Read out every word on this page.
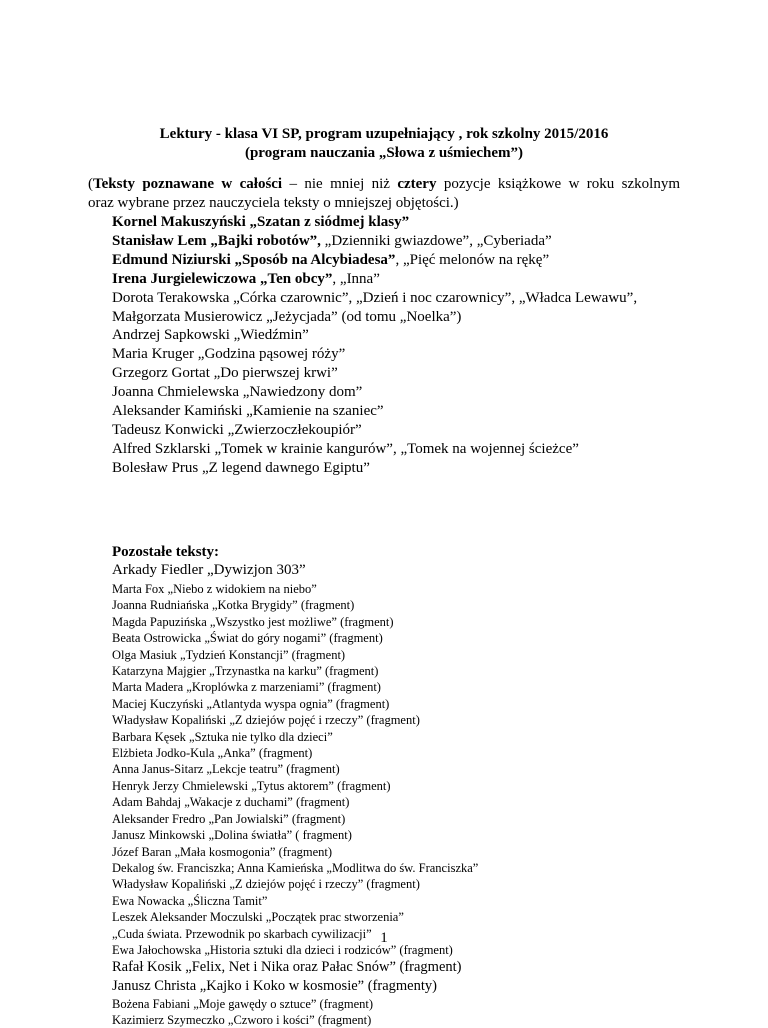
Lektury - klasa VI SP, program uzupełniający , rok szkolny 2015/2016
(program nauczania „Słowa z uśmiechem”)
(Teksty poznawane w całości – nie mniej niż cztery pozycje książkowe w roku szkolnym
oraz wybrane przez nauczyciela teksty o mniejszej objętości.)
Kornel Makuszyński „Szatan z siódmej klasy”
Stanisław Lem „Bajki robotów”, „Dzienniki gwiazdowe”, „Cyberiada”
Edmund Niziurski „Sposób na Alcybiadesa”, „Pięć melonów na rękę”
Irena Jurgielewiczowa „Ten obcy”, „Inna”
Dorota Terakowska „Córka czarownic”, „Dzień i noc czarownicy”, „Władca Lewawu”,
Małgorzata Musierowicz „Jeżycjada” (od tomu „Noelka”)
Andrzej Sapkowski „Wiedźmin”
Maria Kruger „Godzina pąsowej róży”
Grzegorz Gortat „Do pierwszej krwi”
Joanna Chmielewska „Nawiedzony dom”
Aleksander Kamiński „Kamienie na szaniec”
Tadeusz Konwicki „Zwierzoczłekoupiór”
Alfred Szklarski „Tomek w krainie kangurów”, „Tomek na wojennej ścieżce”
Bolesław Prus „Z legend dawnego Egiptu”
Pozostałe teksty:
Arkady Fiedler „Dywizjon 303”
Marta Fox „Niebo z widokiem na niebo”
Joanna Rudniańska „Kotka Brygidy” (fragment)
Magda Papuzińska „Wszystko jest możliwe” (fragment)
Beata Ostrowicka „Świat do góry nogami” (fragment)
Olga Masiuk „Tydzień Konstancji” (fragment)
Katarzyna Majgier „Trzynastka na karku” (fragment)
Marta Madera „Kroplówka z marzeniami” (fragment)
Maciej Kuczyński „Atlantyda wyspa ognia” (fragment)
Władysław Kopaliński „Z dziejów pojęć i rzeczy” (fragment)
Barbara Kęsek „Sztuka nie tylko dla dzieci”
Elżbieta Jodko-Kula „Anka” (fragment)
Anna Janus-Sitarz „Lekcje teatru” (fragment)
Henryk Jerzy Chmielewski „Tytus aktorem” (fragment)
Adam Bahdaj „Wakacje z duchami” (fragment)
Aleksander Fredro „Pan Jowialski” (fragment)
Janusz Minkowski „Dolina światła” ( fragment)
Józef Baran „Mała kosmogonia” (fragment)
Dekalog św. Franciszka; Anna Kamieńska „Modlitwa do św. Franciszka”
Władysław Kopaliński „Z dziejów pojęć i rzeczy” (fragment)
Ewa Nowacka „Śliczna Tamit”
Leszek Aleksander Moczulski „Początek prac stworzenia”
„Cuda świata. Przewodnik po skarbach cywilizacji”
Ewa Jałochowska „Historia sztuki dla dzieci i rodziców” (fragment)
Rafał Kosik „Felix, Net i Nika oraz Pałac Snów” (fragment)
Janusz Christa „Kajko i Koko w kosmosie” (fragmenty)
Bożena Fabiani „Moje gawędy o sztuce” (fragment)
Kazimierz Szymeczko „Czworo i kości” (fragment)
1
